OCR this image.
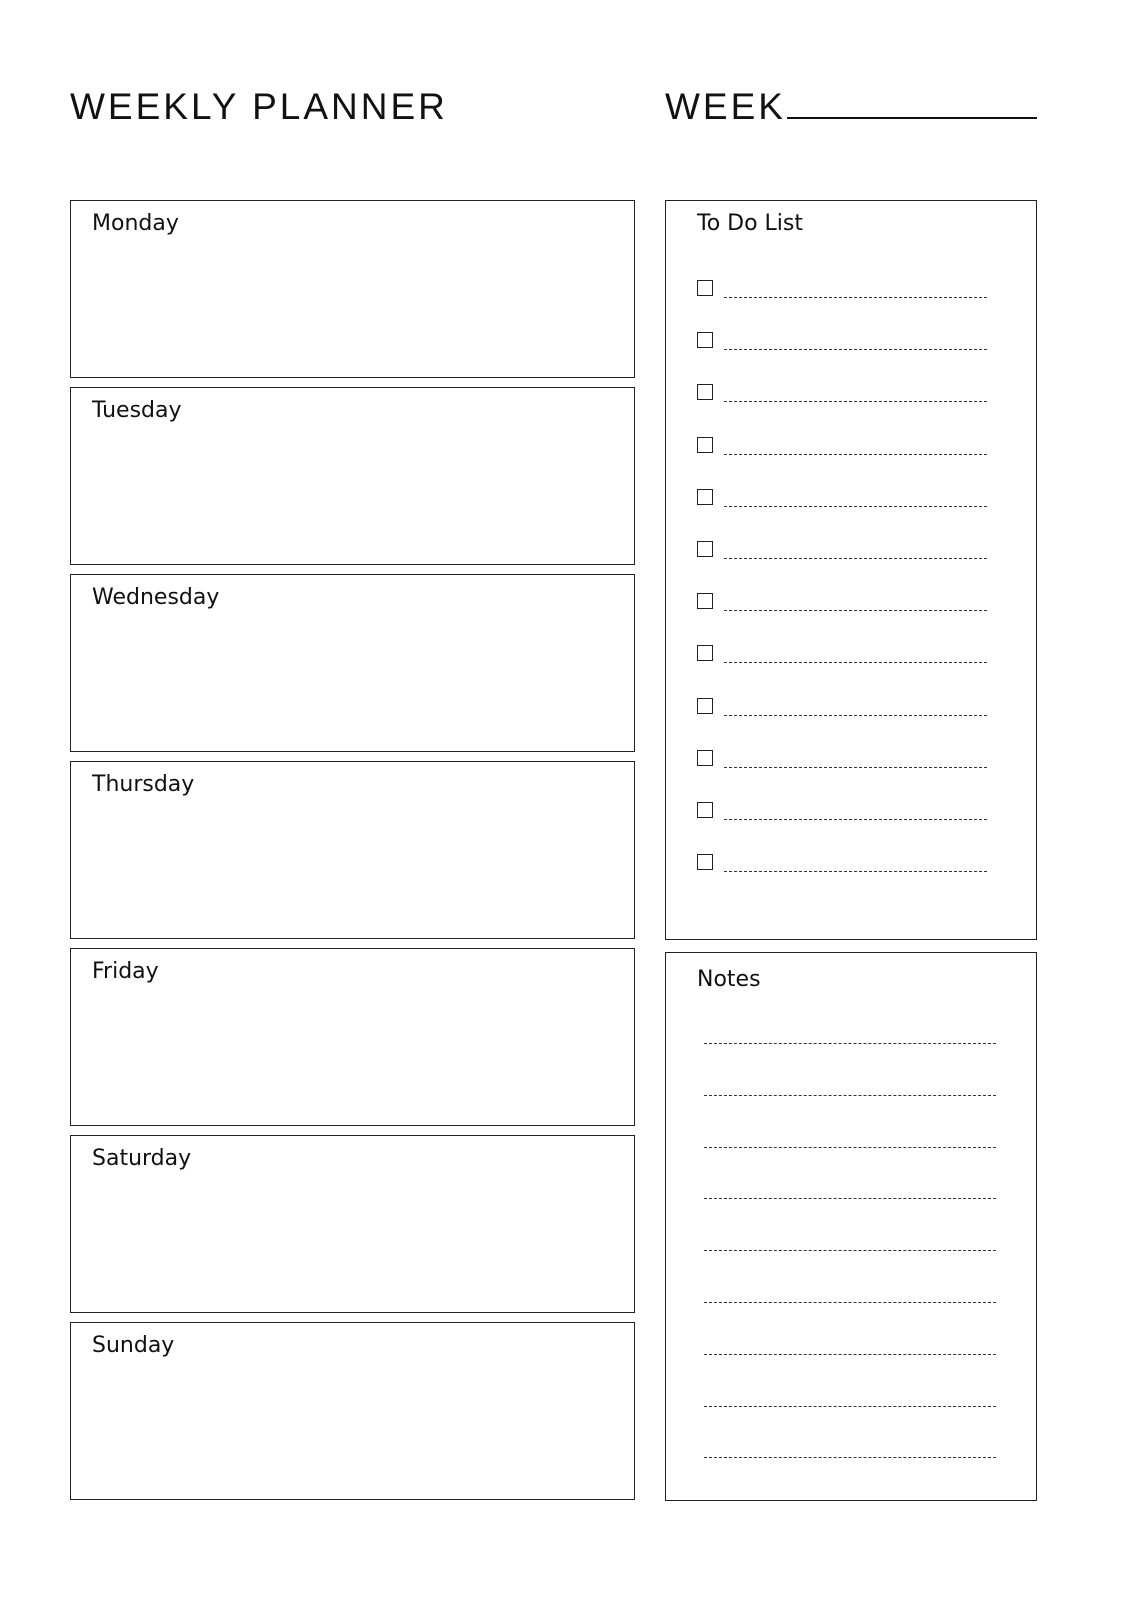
WEEKLY PLANNER	WEEK
Monday
Tuesday
Wednesday
Thursday
Friday
Saturday
Sunday
To Do List
Notes
